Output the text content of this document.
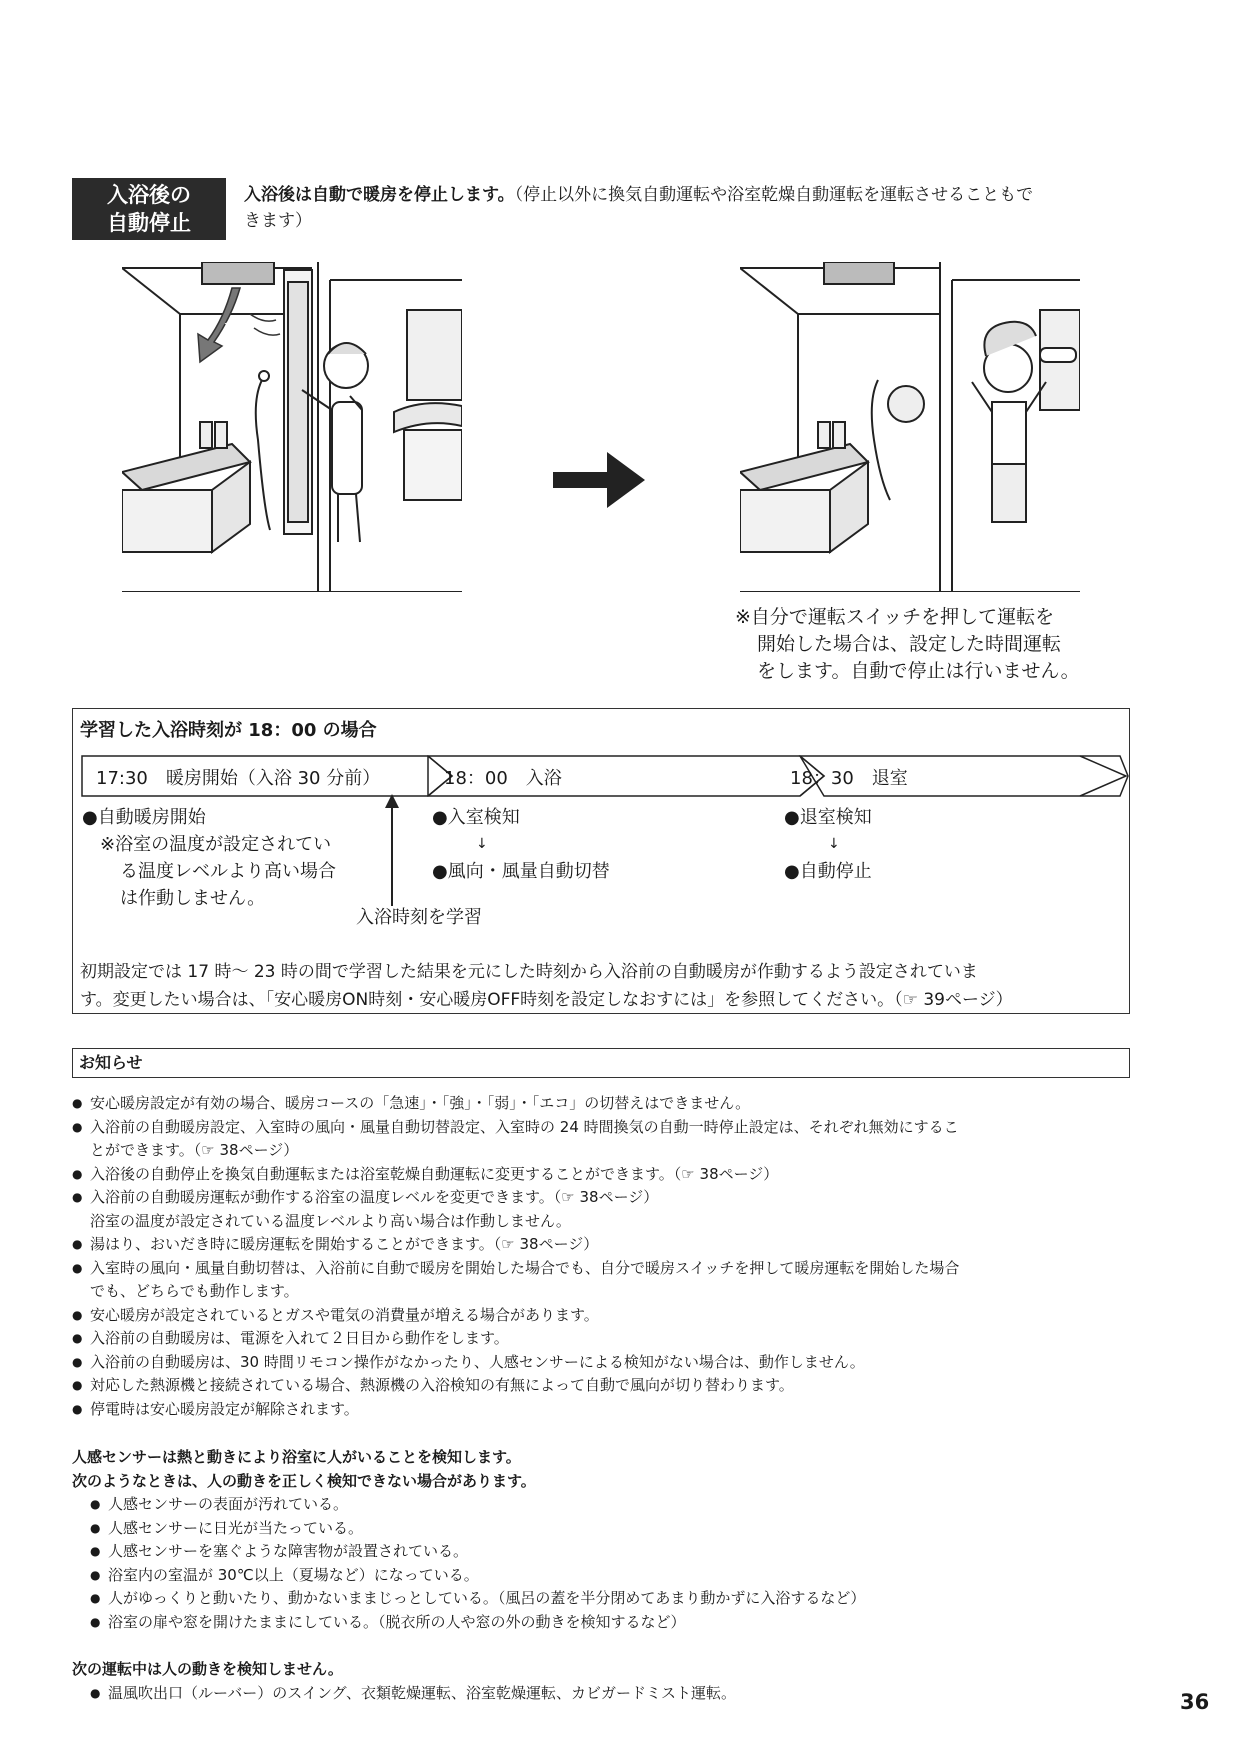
入浴後の
自動停止
入浴後は自動で暖房を停止します。（停止以外に換気自動運転や浴室乾燥自動運転を運転させることもで
きます）
温風
※自分で運転スイッチを押して運転を
開始した場合は、設定した時間運転
をします。自動で停止は行いません。
学習した入浴時刻が 18：00 の場合
17:30　暖房開始（入浴 30 分前）	18：00　入浴	18：30　退室
●自動暖房開始
※浴室の温度が設定されてい
る温度レベルより高い場合
は作動しません。
入浴時刻を学習
●入室検知
↓
●風向・風量自動切替
●退室検知
↓
●自動停止
初期設定では 17 時～ 23 時の間で学習した結果を元にした時刻から入浴前の自動暖房が作動するよう設定されていま
す。変更したい場合は、「安心暖房ON時刻・安心暖房OFF時刻を設定しなおすには」を参照してください。（☞ 39ページ）
お知らせ
● 安心暖房設定が有効の場合、暖房コースの「急速」・「強」・「弱」・「エコ」の切替えはできません。
● 入浴前の自動暖房設定、入室時の風向・風量自動切替設定、入室時の 24 時間換気の自動一時停止設定は、それぞれ無効にするこ
とができます。（☞ 38ページ）
● 入浴後の自動停止を換気自動運転または浴室乾燥自動運転に変更することができます。（☞ 38ページ）
● 入浴前の自動暖房運転が動作する浴室の温度レベルを変更できます。（☞ 38ページ）
浴室の温度が設定されている温度レベルより高い場合は作動しません。
● 湯はり、おいだき時に暖房運転を開始することができます。（☞ 38ページ）
● 入室時の風向・風量自動切替は、入浴前に自動で暖房を開始した場合でも、自分で暖房スイッチを押して暖房運転を開始した場合
でも、どちらでも動作します。
● 安心暖房が設定されているとガスや電気の消費量が増える場合があります。
● 入浴前の自動暖房は、電源を入れて２日目から動作をします。
● 入浴前の自動暖房は、30 時間リモコン操作がなかったり、人感センサーによる検知がない場合は、動作しません。
● 対応した熱源機と接続されている場合、熱源機の入浴検知の有無によって自動で風向が切り替わります。
● 停電時は安心暖房設定が解除されます。
人感センサーは熱と動きにより浴室に人がいることを検知します。
次のようなときは、人の動きを正しく検知できない場合があります。
● 人感センサーの表面が汚れている。
● 人感センサーに日光が当たっている。
● 人感センサーを塞ぐような障害物が設置されている。
● 浴室内の室温が 30℃以上（夏場など）になっている。
● 人がゆっくりと動いたり、動かないままじっとしている。（風呂の蓋を半分閉めてあまり動かずに入浴するなど）
● 浴室の扉や窓を開けたままにしている。（脱衣所の人や窓の外の動きを検知するなど）
次の運転中は人の動きを検知しません。
● 温風吹出口（ルーバー）のスイング、衣類乾燥運転、浴室乾燥運転、カビガードミスト運転。	36
